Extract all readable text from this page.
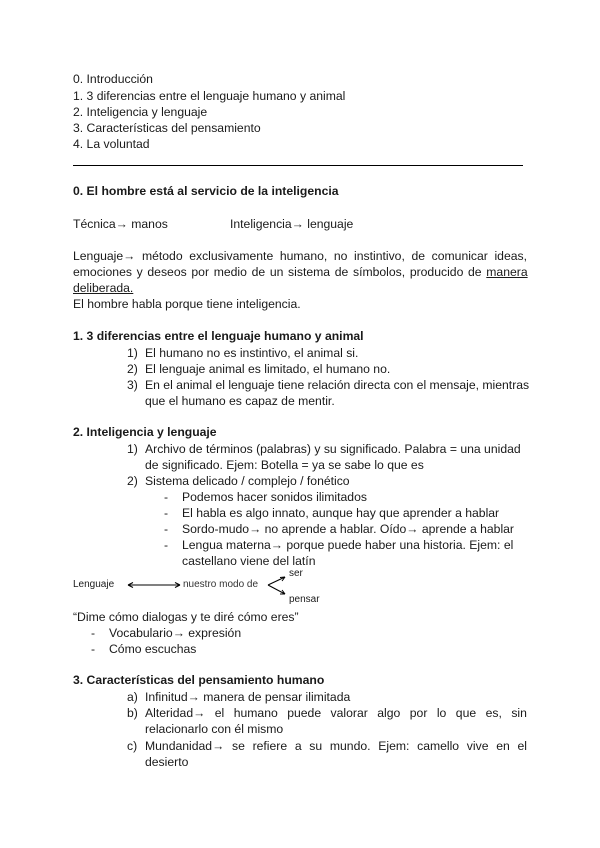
0. Introducción
1. 3 diferencias entre el lenguaje humano y animal
2. Inteligencia y lenguaje
3. Características del pensamiento
4. La voluntad
0. El hombre está al servicio de la inteligencia
Técnica→ manos	Inteligencia→ lenguaje
Lenguaje→ método exclusivamente humano, no instintivo, de comunicar ideas,
emociones y deseos por medio de un sistema de símbolos, producido de manera
deliberada.
El hombre habla porque tiene inteligencia.
1. 3 diferencias entre el lenguaje humano y animal
1) El humano no es instintivo, el animal si.
2) El lenguaje animal es limitado, el humano no.
3) En el animal el lenguaje tiene relación directa con el mensaje, mientras
que el humano es capaz de mentir.
2. Inteligencia y lenguaje
1) Archivo de términos (palabras) y su significado. Palabra = una unidad
de significado. Ejem: Botella = ya se sabe lo que es
2) Sistema delicado / complejo / fonético
- Podemos hacer sonidos ilimitados
- El habla es algo innato, aunque hay que aprender a hablar
- Sordo-mudo→ no aprende a hablar. Oído→ aprende a hablar
- Lengua materna→ porque puede haber una historia. Ejem: el
castellano viene del latín
Lenguaje	nuestro modo de
ser
pensar
“Dime cómo dialogas y te diré cómo eres”
- Vocabulario→ expresión
- Cómo escuchas
3. Características del pensamiento humano
a) Infinitud→ manera de pensar ilimitada
b) Alteridad→ el humano puede valorar algo por lo que es, sin
relacionarlo con él mismo
c) Mundanidad→ se refiere a su mundo. Ejem: camello vive en el
desierto
